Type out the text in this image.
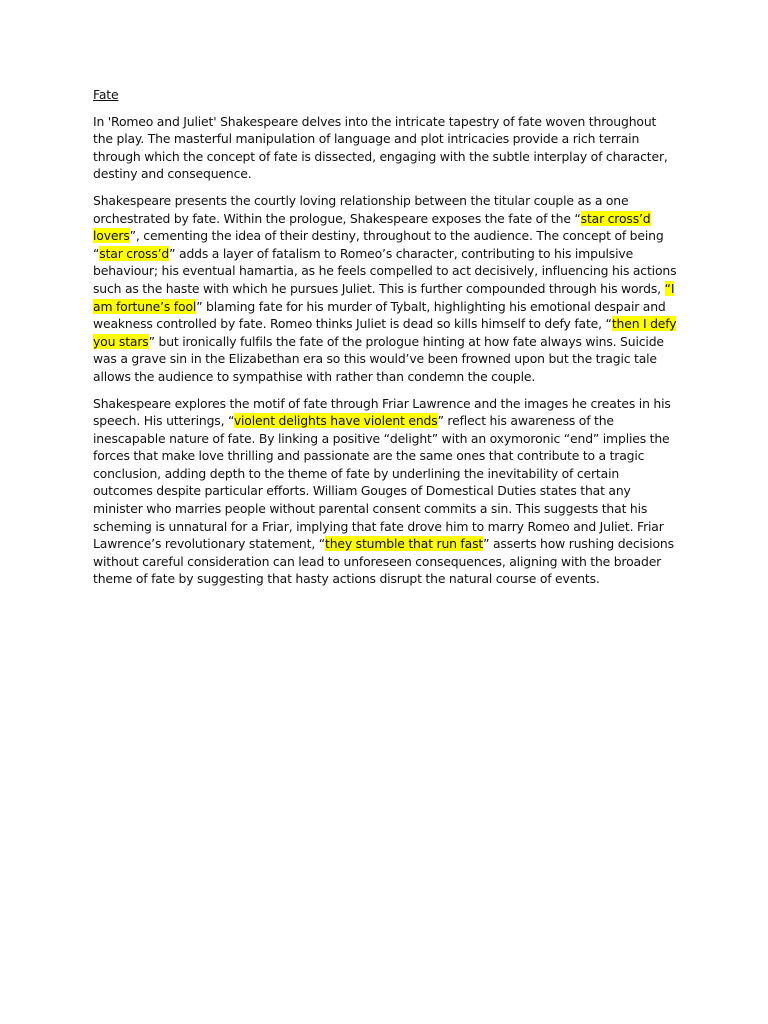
Fate

In 'Romeo and Juliet' Shakespeare delves into the intricate tapestry of fate woven throughout the play. The masterful manipulation of language and plot intricacies provide a rich terrain through which the concept of fate is dissected, engaging with the subtle interplay of character, destiny and consequence.

Shakespeare presents the courtly loving relationship between the titular couple as a one orchestrated by fate. Within the prologue, Shakespeare exposes the fate of the “star cross’d lovers”, cementing the idea of their destiny, throughout to the audience. The concept of being “star cross’d” adds a layer of fatalism to Romeo’s character, contributing to his impulsive behaviour; his eventual hamartia, as he feels compelled to act decisively, influencing his actions such as the haste with which he pursues Juliet. This is further compounded through his words, “I am fortune’s fool” blaming fate for his murder of Tybalt, highlighting his emotional despair and weakness controlled by fate. Romeo thinks Juliet is dead so kills himself to defy fate, “then I defy you stars” but ironically fulfils the fate of the prologue hinting at how fate always wins. Suicide was a grave sin in the Elizabethan era so this would’ve been frowned upon but the tragic tale allows the audience to sympathise with rather than condemn the couple.

Shakespeare explores the motif of fate through Friar Lawrence and the images he creates in his speech. His utterings, “violent delights have violent ends” reflect his awareness of the inescapable nature of fate. By linking a positive “delight” with an oxymoronic “end” implies the forces that make love thrilling and passionate are the same ones that contribute to a tragic conclusion, adding depth to the theme of fate by underlining the inevitability of certain outcomes despite particular efforts. William Gouges of Domestical Duties states that any minister who marries people without parental consent commits a sin. This suggests that his scheming is unnatural for a Friar, implying that fate drove him to marry Romeo and Juliet. Friar Lawrence’s revolutionary statement, “they stumble that run fast” asserts how rushing decisions without careful consideration can lead to unforeseen consequences, aligning with the broader theme of fate by suggesting that hasty actions disrupt the natural course of events.
